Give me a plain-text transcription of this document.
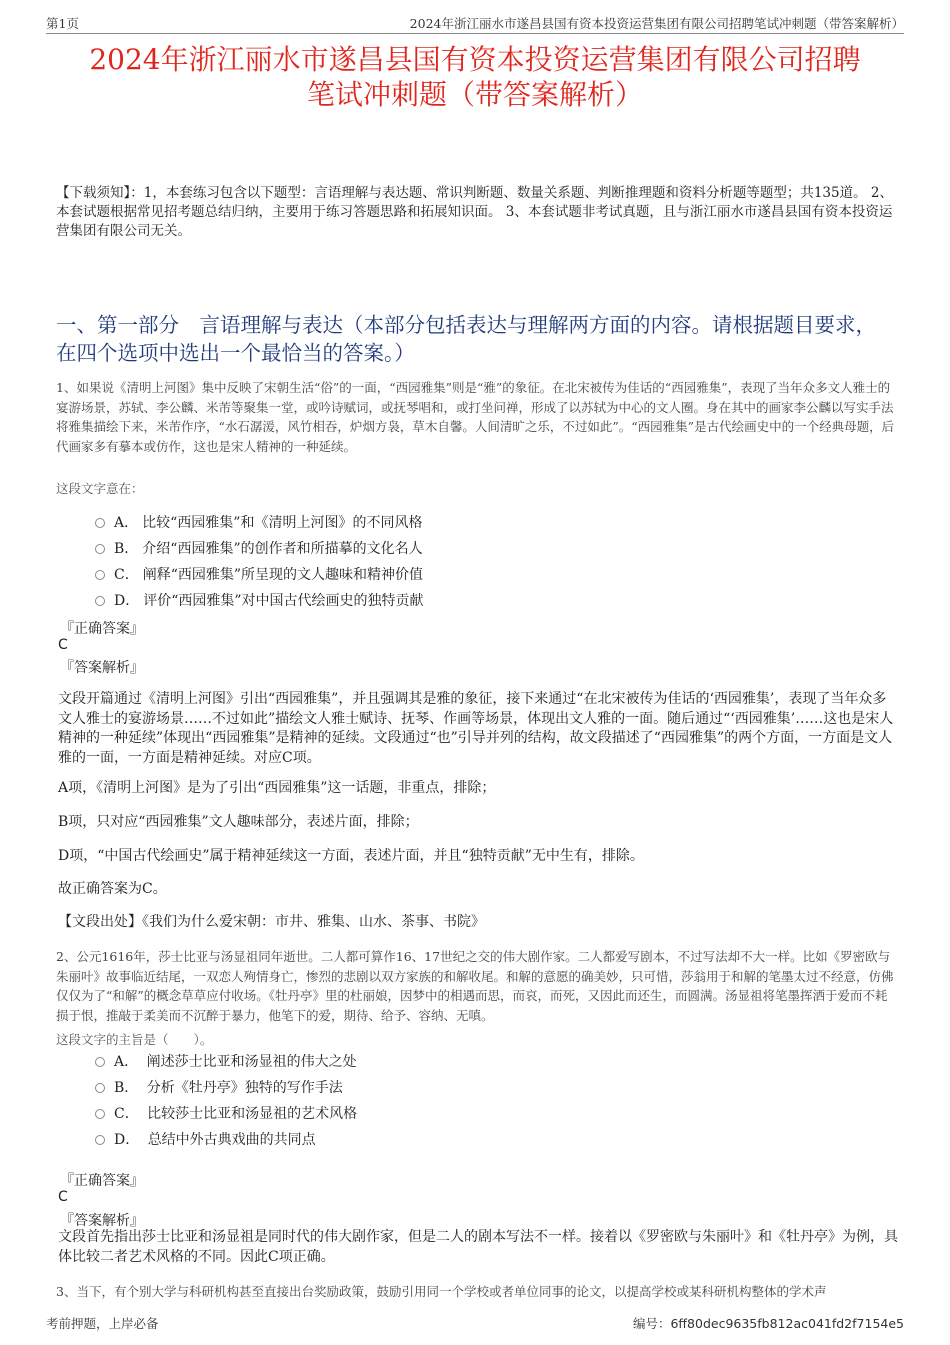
第1页	2024年浙江丽水市遂昌县国有资本投资运营集团有限公司招聘笔试冲刺题（带答案解析）
2024年浙江丽水市遂昌县国有资本投资运营集团有限公司招聘
笔试冲刺题（带答案解析）
【下载须知】：1，本套练习包含以下题型：言语理解与表达题、常识判断题、数量关系题、判断推理题和资料分析题等题型；共135道。 2、本套试题根据常见招考题总结归纳，主要用于练习答题思路和拓展知识面。 3、本套试题非考试真题，且与浙江丽水市遂昌县国有资本投资运营集团有限公司无关。
一、第一部分　言语理解与表达（本部分包括表达与理解两方面的内容。请根据题目要求，在四个选项中选出一个最恰当的答案。）
1、如果说《清明上河图》集中反映了宋朝生活“俗”的一面，“西园雅集”则是“雅”的象征。在北宋被传为佳话的“西园雅集”，表现了当年众多文人雅士的宴游场景，苏轼、李公麟、米芾等聚集一堂，或吟诗赋词，或抚琴唱和，或打坐问禅，形成了以苏轼为中心的文人圈。身在其中的画家李公麟以写实手法将雅集描绘下来，米芾作序，“水石潺湲，风竹相吞，炉烟方袅，草木自馨。人间清旷之乐，不过如此”。“西园雅集”是古代绘画史中的一个经典母题，后代画家多有摹本或仿作，这也是宋人精神的一种延续。
这段文字意在：
A． 比较“西园雅集”和《清明上河图》的不同风格
B． 介绍“西园雅集”的创作者和所描摹的文化名人
C． 阐释“西园雅集”所呈现的文人趣味和精神价值
D． 评价“西园雅集”对中国古代绘画史的独特贡献
『正确答案』
C
『答案解析』
文段开篇通过《清明上河图》引出“西园雅集”，并且强调其是雅的象征，接下来通过“在北宋被传为佳话的‘西园雅集’，表现了当年众多文人雅士的宴游场景……不过如此”描绘文人雅士赋诗、抚琴、作画等场景，体现出文人雅的一面。随后通过“‘西园雅集’……这也是宋人精神的一种延续”体现出“西园雅集”是精神的延续。文段通过“也”引导并列的结构，故文段描述了“西园雅集”的两个方面，一方面是文人雅的一面，一方面是精神延续。对应C项。
A项，《清明上河图》是为了引出“西园雅集”这一话题，非重点，排除；
B项，只对应“西园雅集”文人趣味部分，表述片面，排除；
D项，“中国古代绘画史”属于精神延续这一方面，表述片面，并且“独特贡献”无中生有，排除。
故正确答案为C。
【文段出处】《我们为什么爱宋朝：市井、雅集、山水、茶事、书院》
2、公元1616年，莎士比亚与汤显祖同年逝世。二人都可算作16、17世纪之交的伟大剧作家。二人都爱写剧本，不过写法却不大一样。比如《罗密欧与朱丽叶》故事临近结尾，一双恋人殉情身亡，惨烈的悲剧以双方家族的和解收尾。和解的意愿的确美妙，只可惜，莎翁用于和解的笔墨太过不经意，仿佛仅仅为了“和解”的概念草草应付收场。《牡丹亭》里的杜丽娘，因梦中的相遇而思，而哀，而死，又因此而还生，而圆满。汤显祖将笔墨挥洒于爱而不耗损于恨，推敲于柔美而不沉醉于暴力，他笔下的爱，期待、给予、容纳、无嗔。
这段文字的主旨是（　　）。
A． 阐述莎士比亚和汤显祖的伟大之处
B． 分析《牡丹亭》独特的写作手法
C． 比较莎士比亚和汤显祖的艺术风格
D． 总结中外古典戏曲的共同点
『正确答案』
C
『答案解析』
文段首先指出莎士比亚和汤显祖是同时代的伟大剧作家，但是二人的剧本写法不一样。接着以《罗密欧与朱丽叶》和《牡丹亭》为例，具体比较二者艺术风格的不同。因此C项正确。
3、当下，有个别大学与科研机构甚至直接出台奖励政策，鼓励引用同一个学校或者单位同事的论文，以提高学校或某科研机构整体的学术声
考前押题，上岸必备	编号：6ff80dec9635fb812ac041fd2f7154e5
